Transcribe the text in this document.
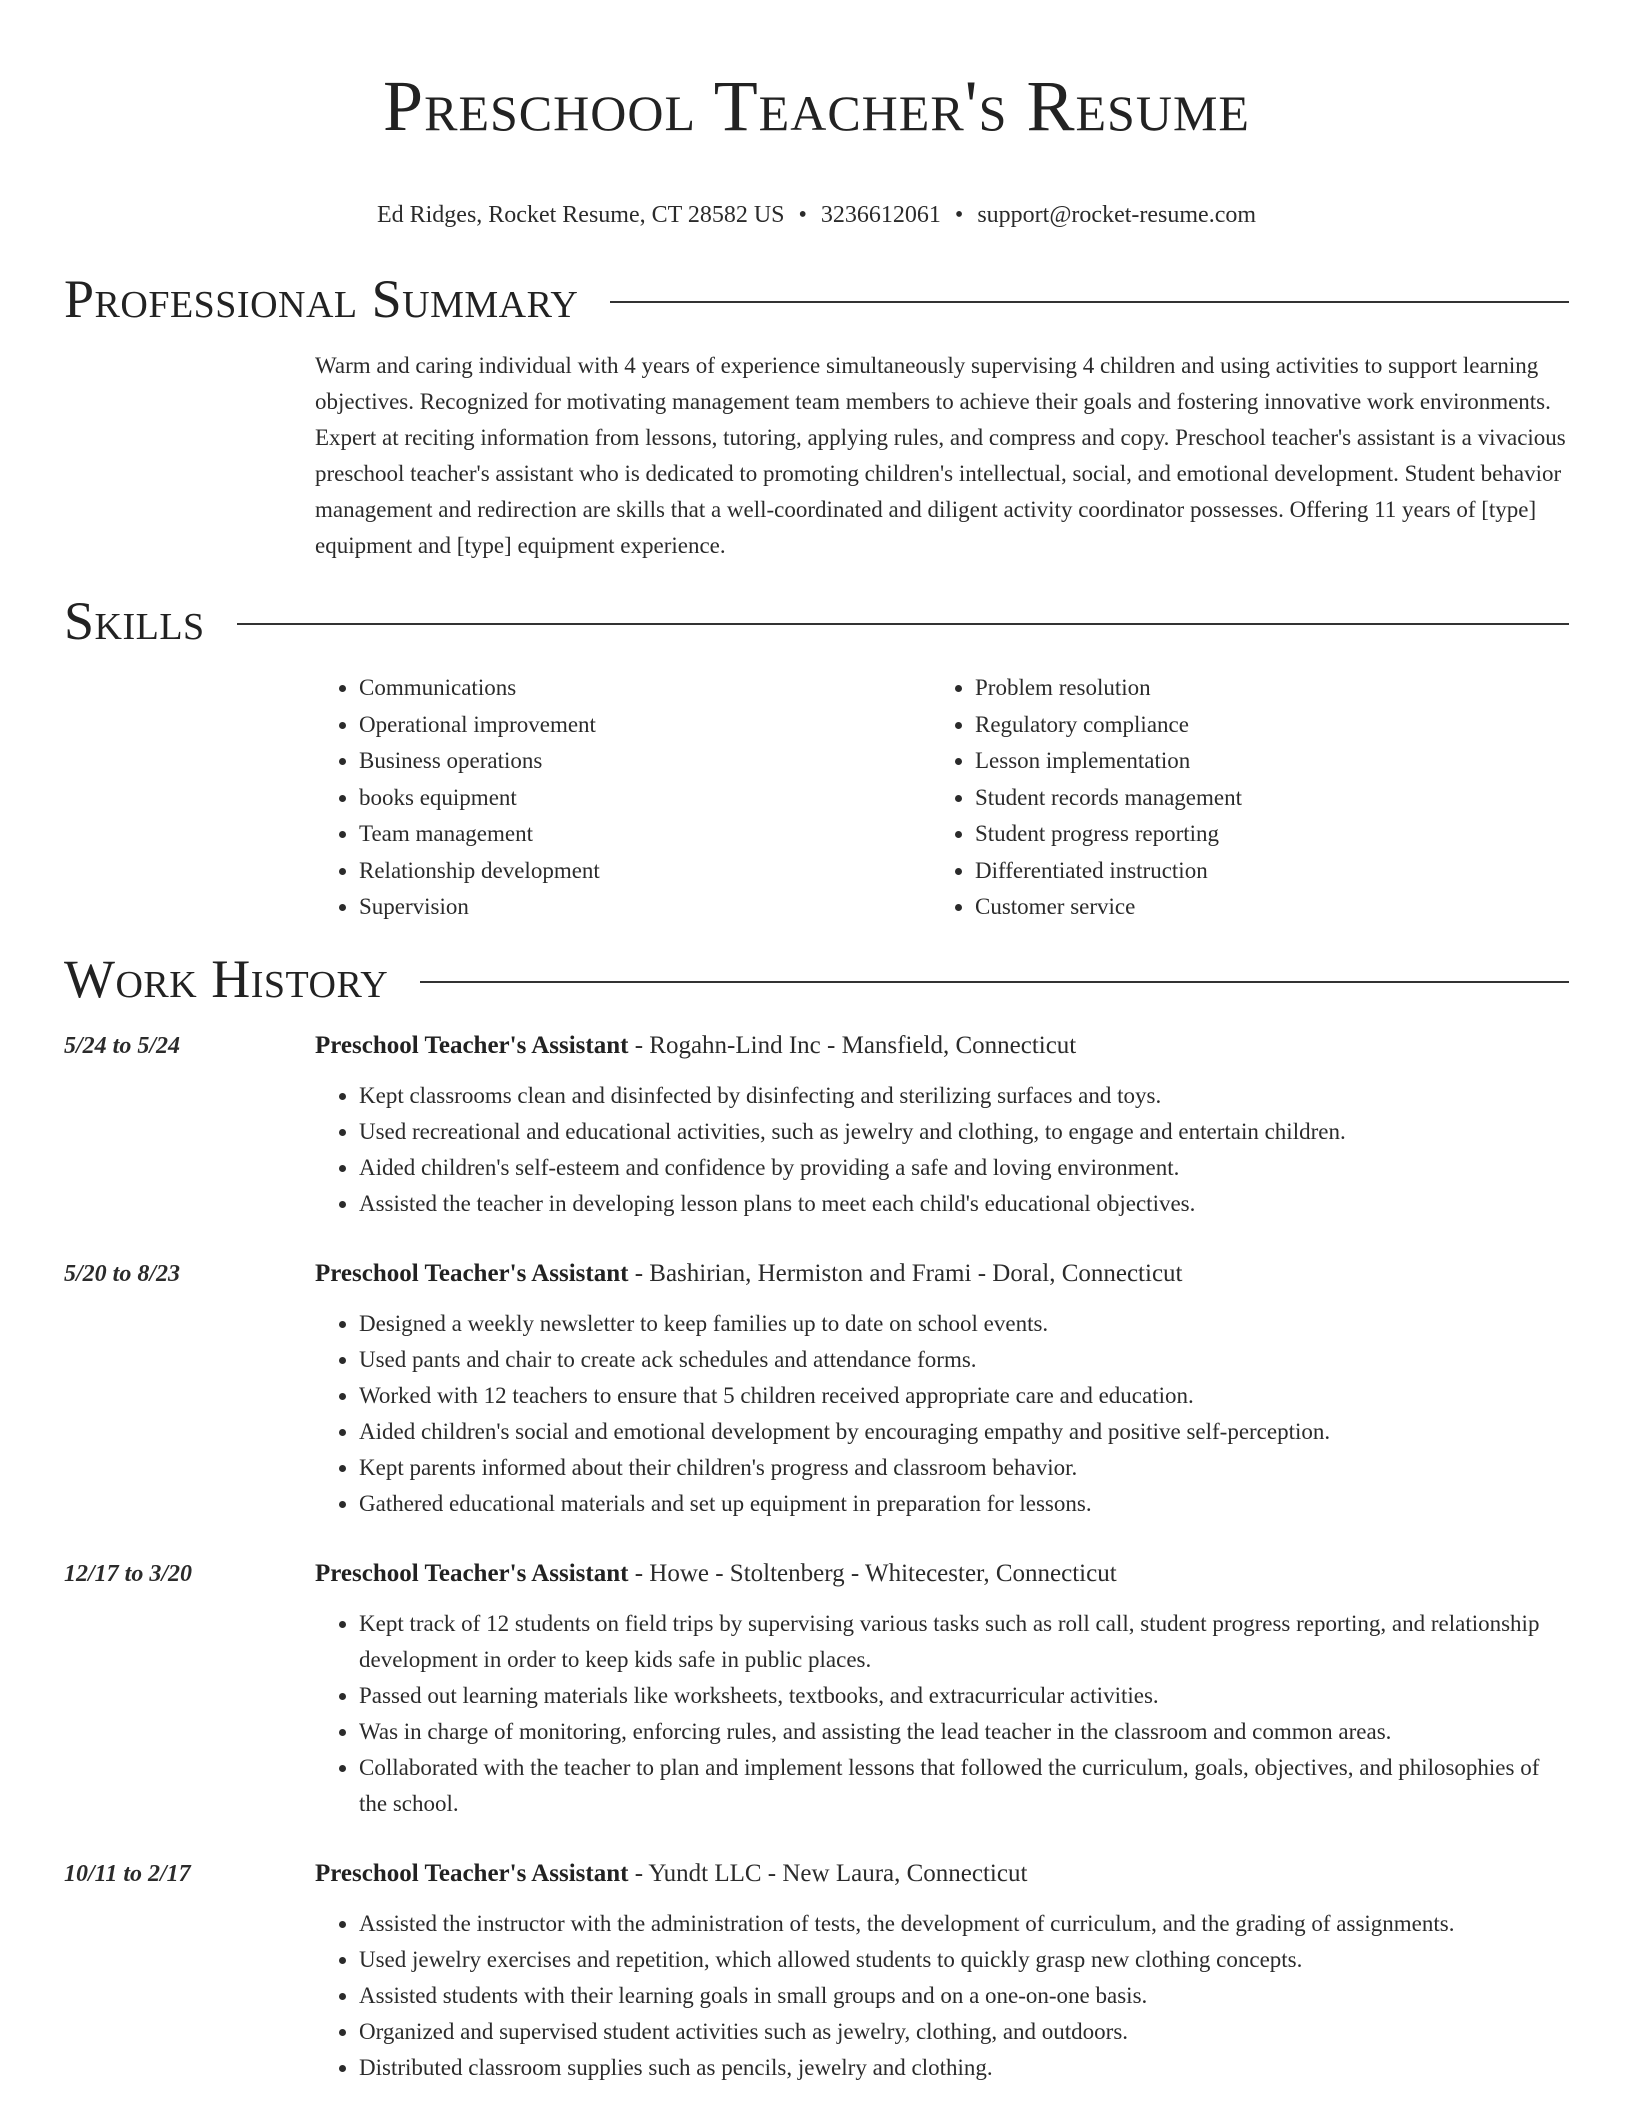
Preschool Teacher's Resume
Ed Ridges, Rocket Resume, CT 28582 US • 3236612061 • support@rocket-resume.com
Professional Summary
Warm and caring individual with 4 years of experience simultaneously supervising 4 children and using activities to support learning objectives. Recognized for motivating management team members to achieve their goals and fostering innovative work environments. Expert at reciting information from lessons, tutoring, applying rules, and compress and copy. Preschool teacher's assistant is a vivacious preschool teacher's assistant who is dedicated to promoting children's intellectual, social, and emotional development. Student behavior management and redirection are skills that a well-coordinated and diligent activity coordinator possesses. Offering 11 years of [type] equipment and [type] equipment experience.
Skills
• Communications
• Operational improvement
• Business operations
• books equipment
• Team management
• Relationship development
• Supervision
• Problem resolution
• Regulatory compliance
• Lesson implementation
• Student records management
• Student progress reporting
• Differentiated instruction
• Customer service
Work History
5/24 to 5/24	Preschool Teacher's Assistant - Rogahn-Lind Inc - Mansfield, Connecticut
• Kept classrooms clean and disinfected by disinfecting and sterilizing surfaces and toys.
• Used recreational and educational activities, such as jewelry and clothing, to engage and entertain children.
• Aided children's self-esteem and confidence by providing a safe and loving environment.
• Assisted the teacher in developing lesson plans to meet each child's educational objectives.
5/20 to 8/23	Preschool Teacher's Assistant - Bashirian, Hermiston and Frami - Doral, Connecticut
• Designed a weekly newsletter to keep families up to date on school events.
• Used pants and chair to create ack schedules and attendance forms.
• Worked with 12 teachers to ensure that 5 children received appropriate care and education.
• Aided children's social and emotional development by encouraging empathy and positive self-perception.
• Kept parents informed about their children's progress and classroom behavior.
• Gathered educational materials and set up equipment in preparation for lessons.
12/17 to 3/20	Preschool Teacher's Assistant - Howe - Stoltenberg - Whitecester, Connecticut
• Kept track of 12 students on field trips by supervising various tasks such as roll call, student progress reporting, and relationship development in order to keep kids safe in public places.
• Passed out learning materials like worksheets, textbooks, and extracurricular activities.
• Was in charge of monitoring, enforcing rules, and assisting the lead teacher in the classroom and common areas.
• Collaborated with the teacher to plan and implement lessons that followed the curriculum, goals, objectives, and philosophies of the school.
10/11 to 2/17	Preschool Teacher's Assistant - Yundt LLC - New Laura, Connecticut
• Assisted the instructor with the administration of tests, the development of curriculum, and the grading of assignments.
• Used jewelry exercises and repetition, which allowed students to quickly grasp new clothing concepts.
• Assisted students with their learning goals in small groups and on a one-on-one basis.
• Organized and supervised student activities such as jewelry, clothing, and outdoors.
• Distributed classroom supplies such as pencils, jewelry and clothing.
